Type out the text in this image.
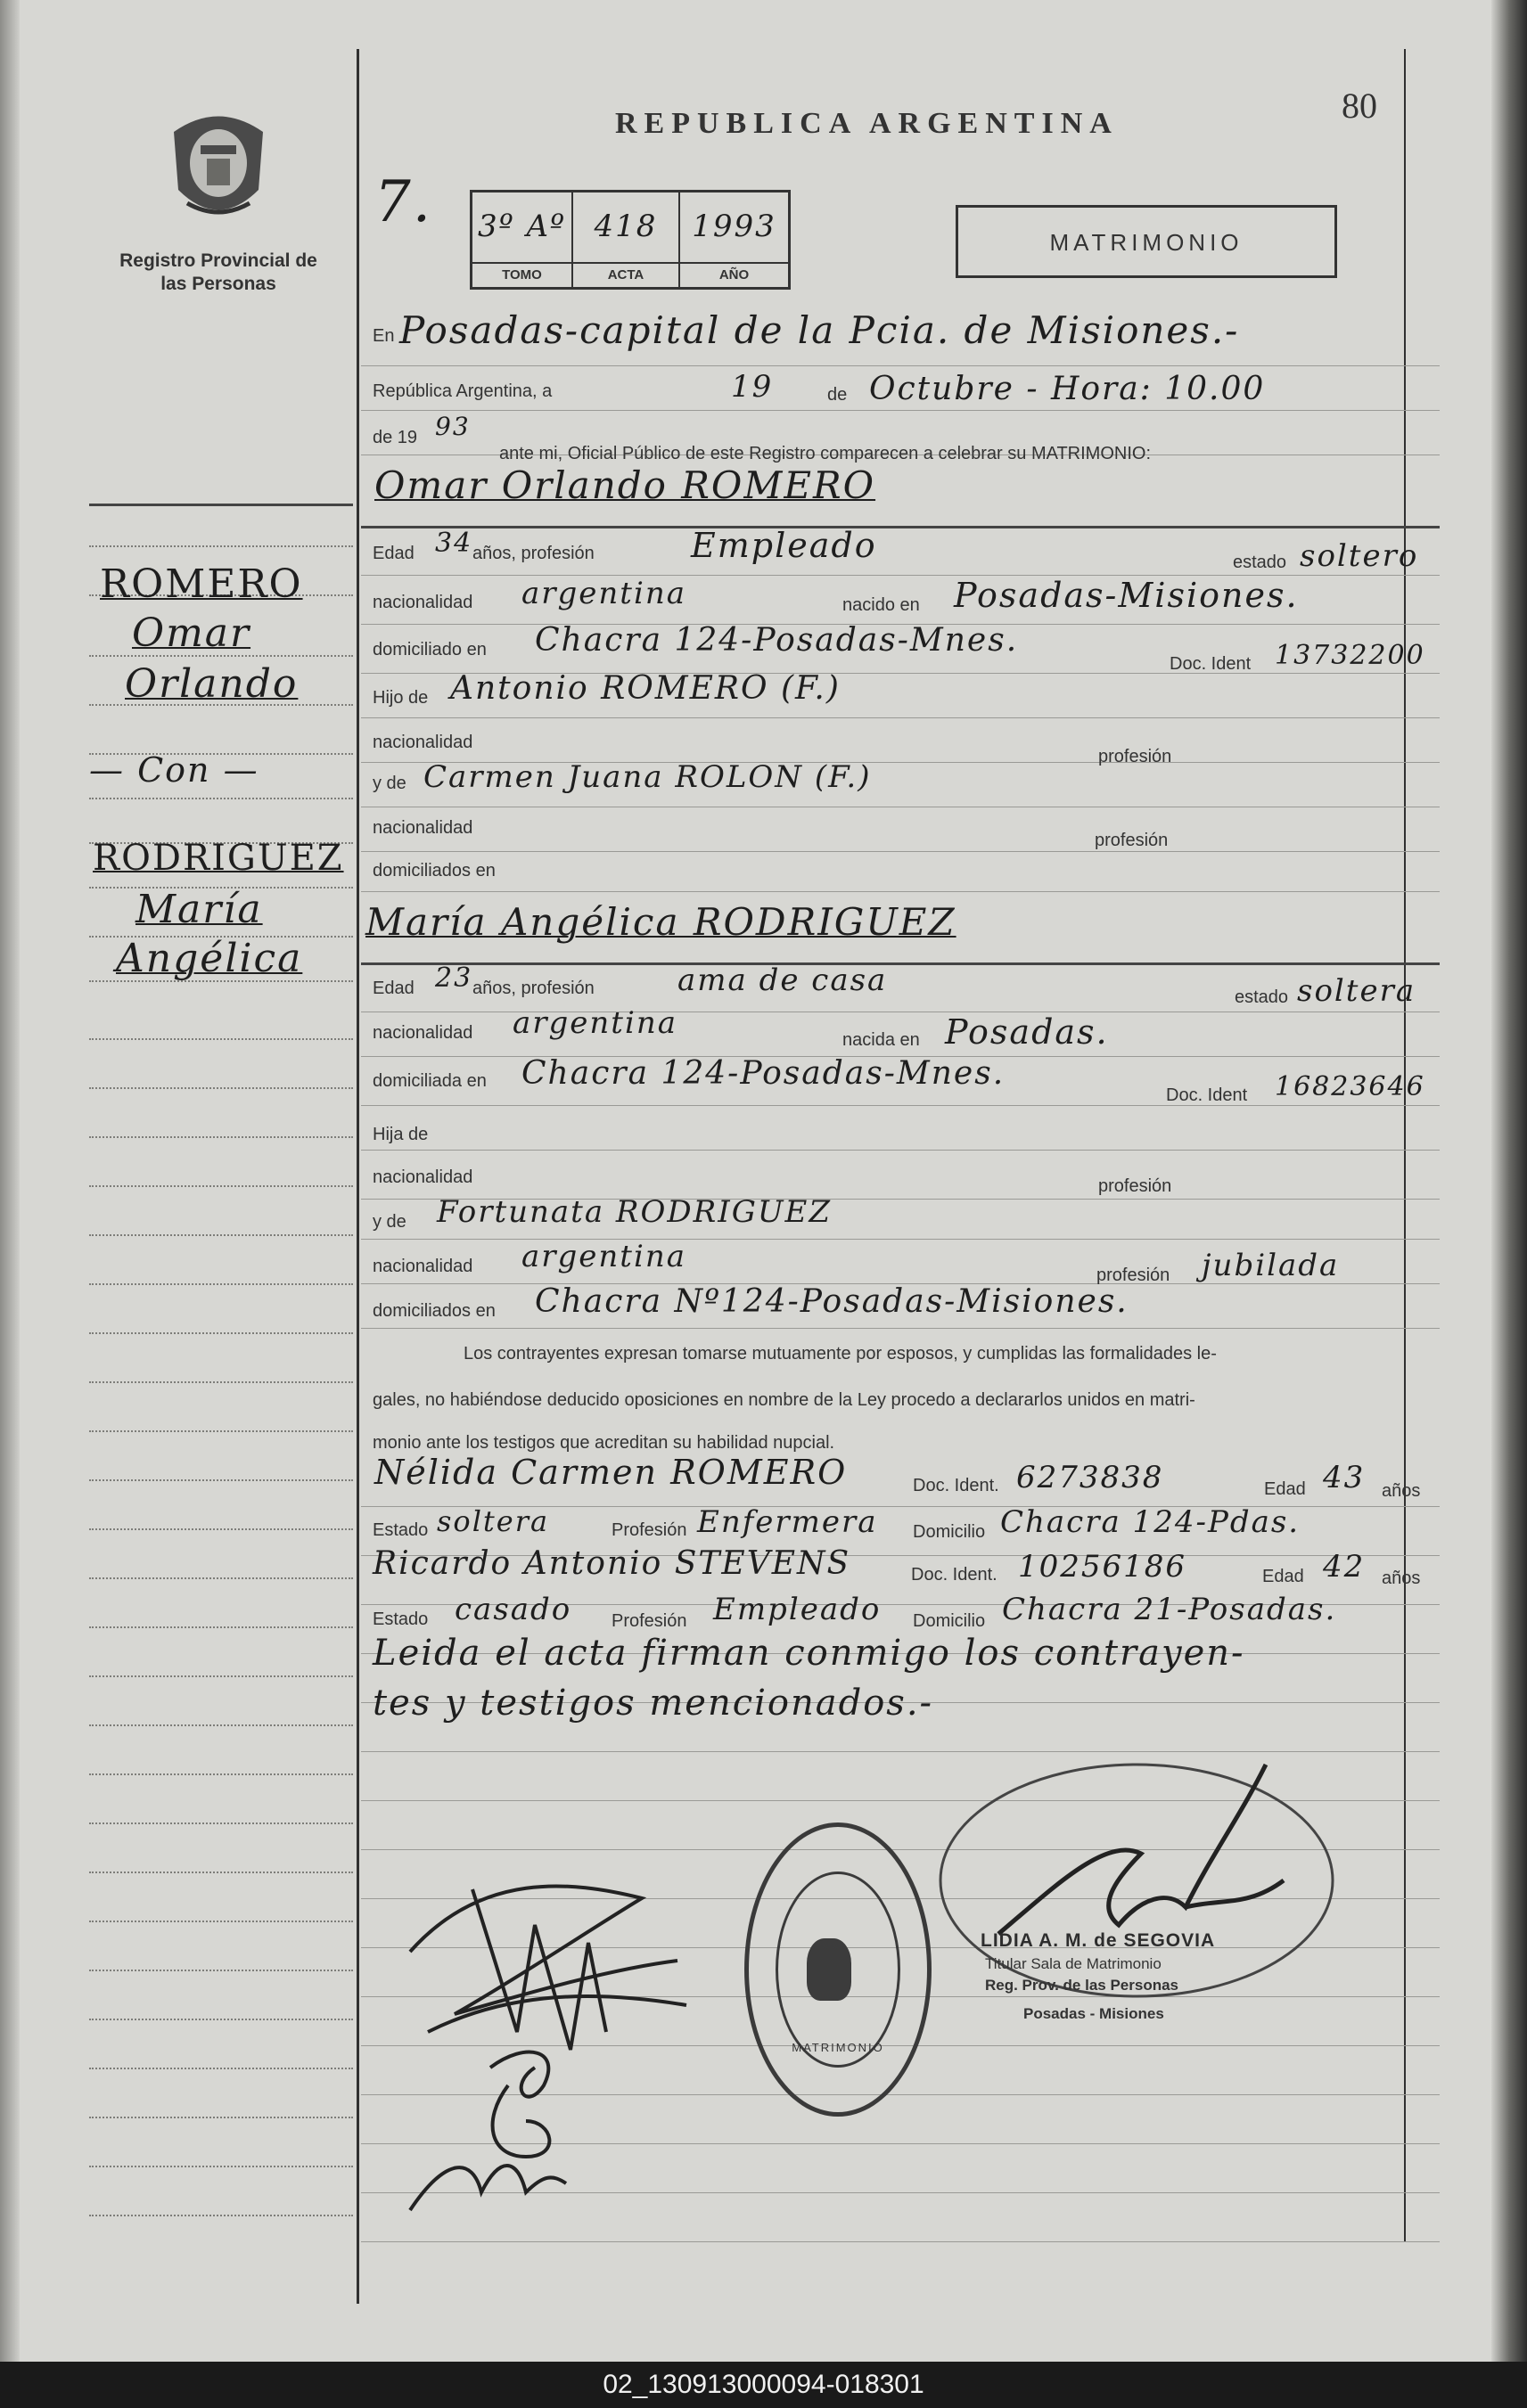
Registro Provincial de las Personas
REPUBLICA ARGENTINA	80
7. 3º Aº
TOMO
418
ACTA
1993
AÑO
MATRIMONIO
En Posadas-capital de la Pcia. de Misiones.-
República Argentina, a	19	de Octubre - Hora: 10.00
de 19 93
ante mi, Oficial Público de este Registro comparecen a celebrar su MATRIMONIO:
ROMERO
Omar
Orlando
— Con —
RODRIGUEZ
María
Angélica
Omar Orlando ROMERO
Edad 34 años, profesión	Empleado	estado soltero
nacionalidad argentina	nacido en Posadas-Misiones.
domiciliado en Chacra 124-Posadas-Mnes.
Doc. Ident 13732200
Hijo de Antonio ROMERO (F.)
nacionalidad
profesión
y de Carmen Juana ROLON (F.)
nacionalidad
profesión
domiciliados en
María Angélica RODRIGUEZ
Edad 23 años, profesión	ama de casa	estado soltera
nacionalidad argentina	nacida en Posadas.
domiciliada en Chacra 124-Posadas-Mnes.
Doc. Ident 16823646
Hija de
nacionalidad	profesión
y de Fortunata RODRIGUEZ
nacionalidad argentina
profesión jubilada
domiciliados en Chacra Nº124-Posadas-Misiones.
Los contrayentes expresan tomarse mutuamente por esposos, y cumplidas las formalidades le-
gales, no habiéndose deducido oposiciones en nombre de la Ley procedo a declararlos unidos en matri-
monio ante los testigos que acreditan su habilidad nupcial.
Nélida Carmen ROMERO	Doc. Ident. 6273838	Edad 43 años
Estado soltera	Profesión Enfermera Domicilio Chacra 124-Pdas.
Ricardo Antonio STEVENS	Doc. Ident. 10256186	Edad 42 años
Estado casado Profesión Empleado Domicilio Chacra 21-Posadas.
Leida el acta firman conmigo los contrayen-
tes y testigos mencionados.-
MATRIMONIO
LIDIA A. M. de SEGOVIA
Titular Sala de Matrimonio
Reg. Prov. de las Personas
Posadas - Misiones
02_130913000094-018301
